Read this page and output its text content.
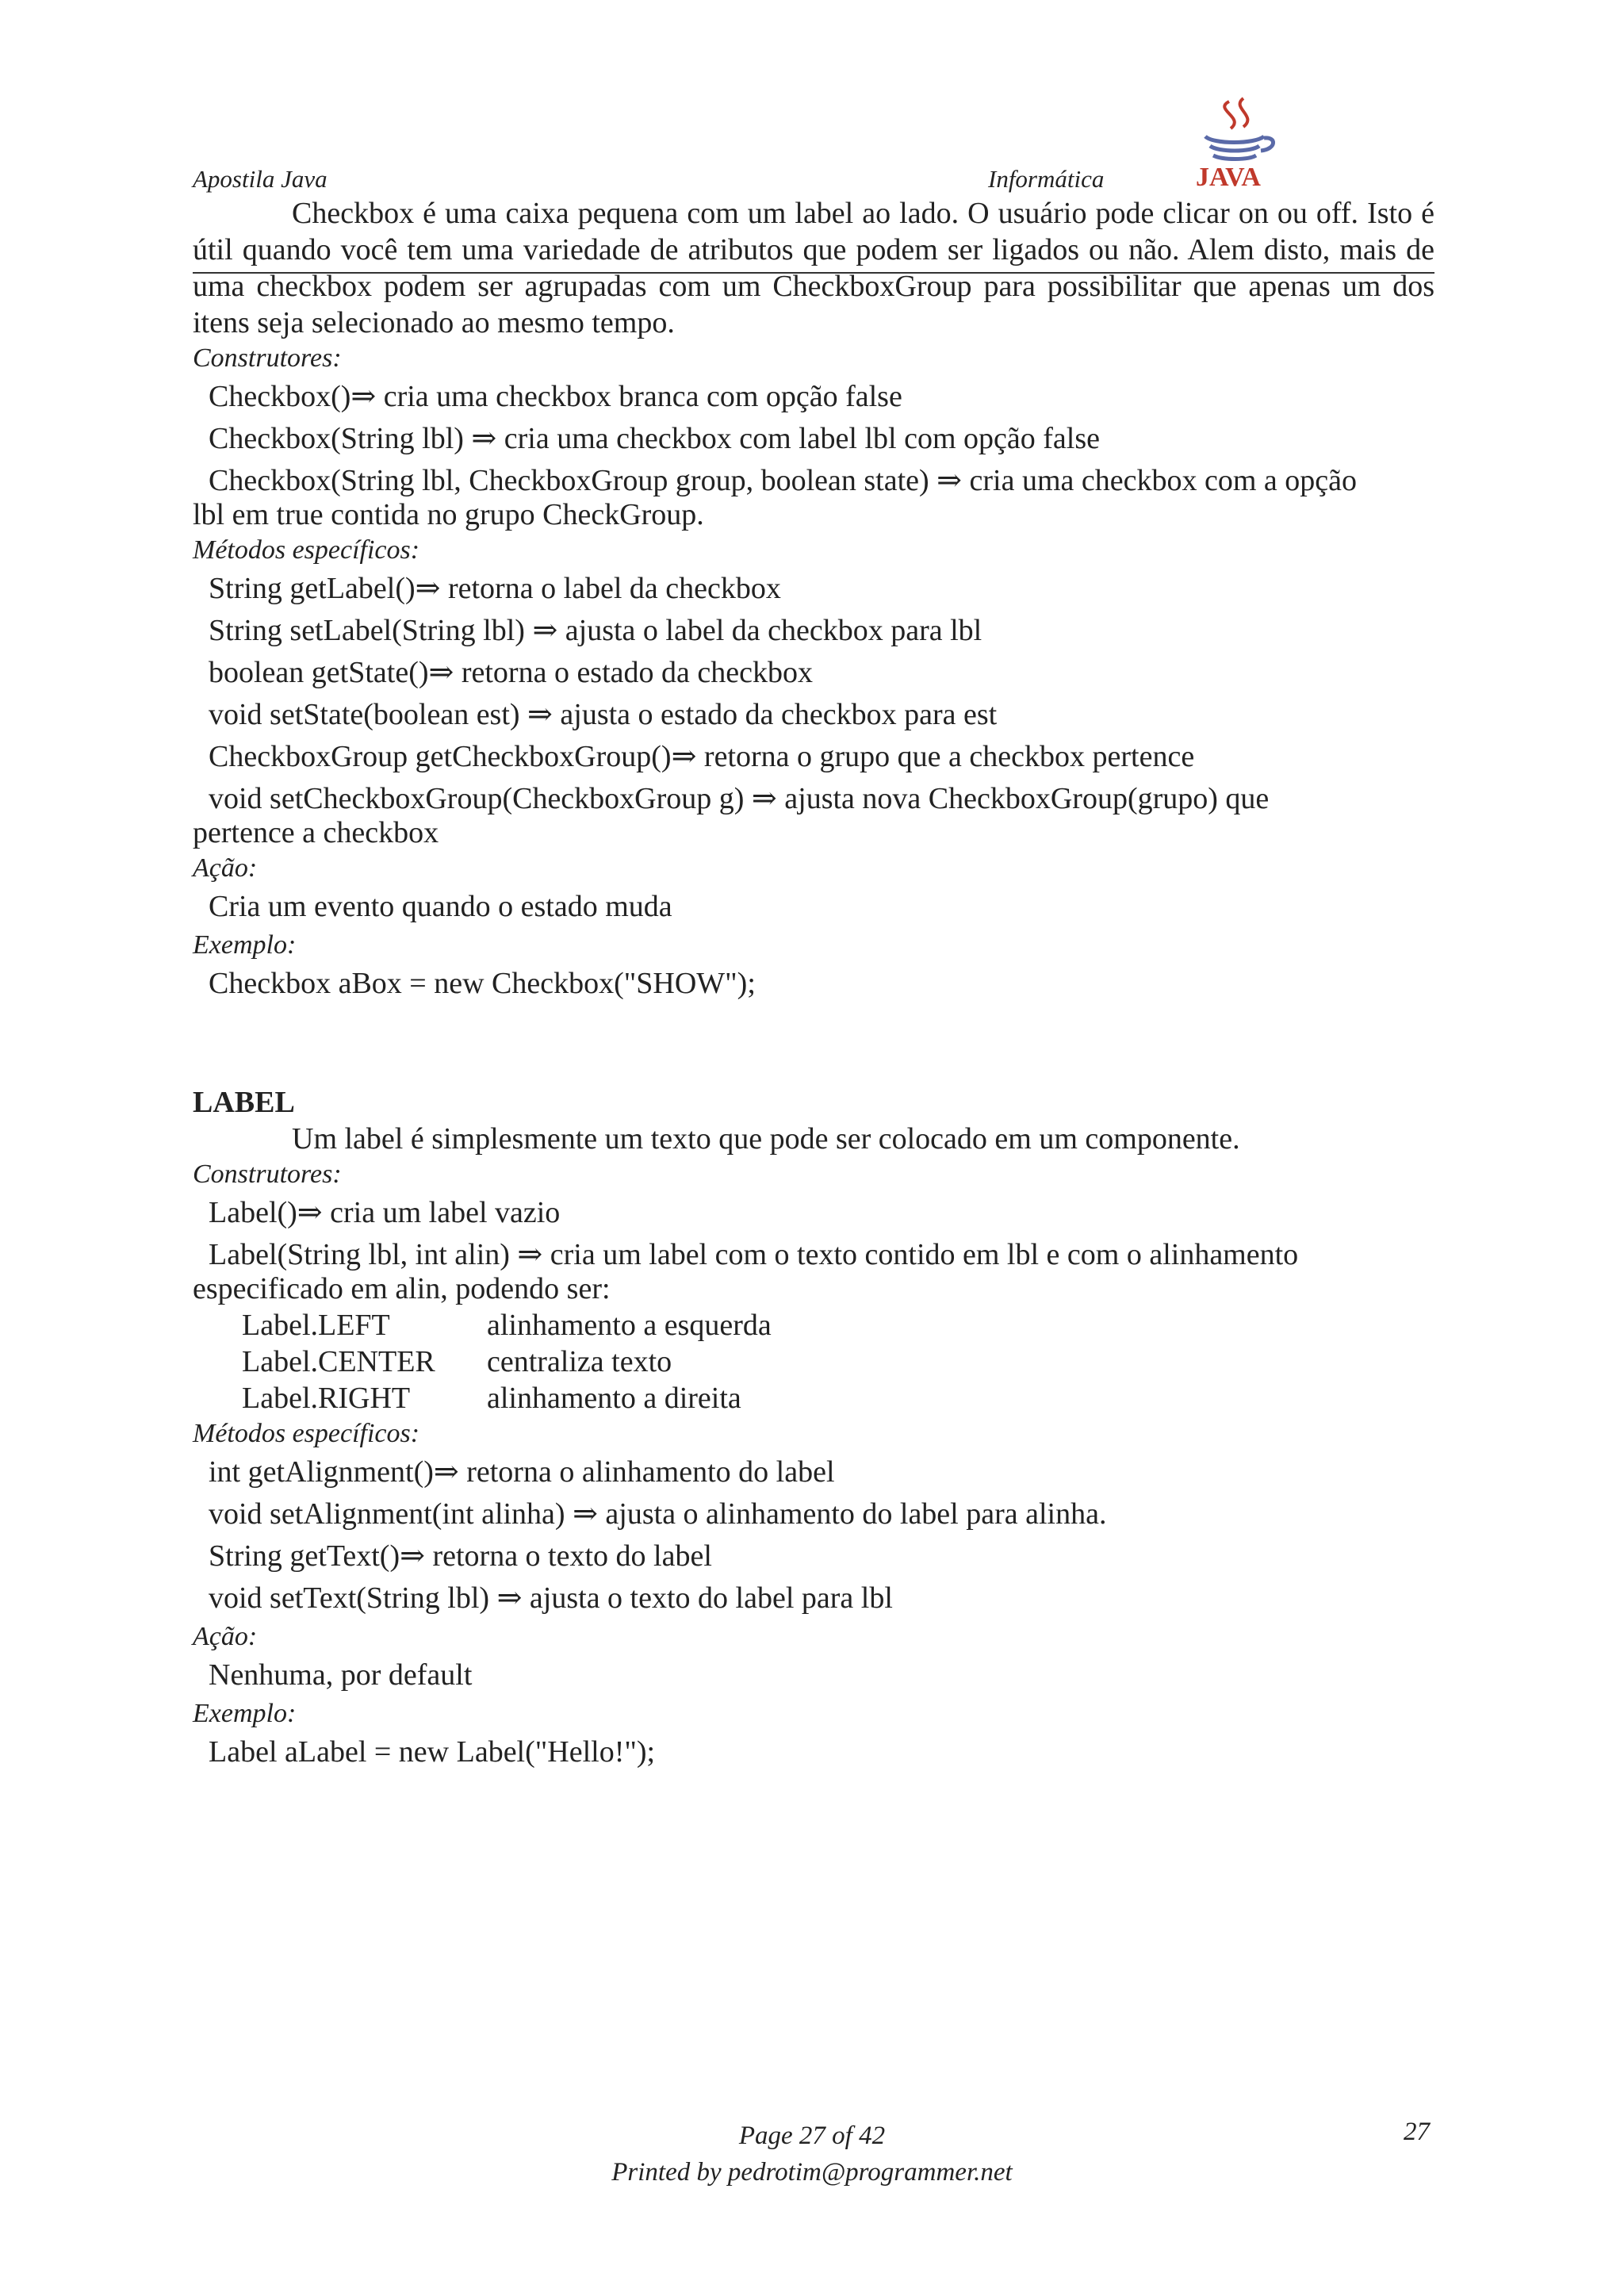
Apostila Java	Informática	JAVA

Checkbox é uma caixa pequena com um label ao lado. O usuário pode clicar on ou off. Isto é útil quando você tem uma variedade de atributos que podem ser ligados ou não. Alem disto, mais de uma checkbox podem ser agrupadas com um CheckboxGroup para possibilitar que apenas um dos itens seja selecionado ao mesmo tempo.

Construtores:

Checkbox()⇒ cria uma checkbox branca com opção false

Checkbox(String lbl) ⇒ cria uma checkbox com label lbl com opção false

Checkbox(String lbl, CheckboxGroup group, boolean state) ⇒ cria uma checkbox com a opção

lbl em true contida no grupo CheckGroup.

Métodos específicos:

String getLabel()⇒ retorna o label da checkbox

String setLabel(String lbl) ⇒ ajusta o label da checkbox para lbl

boolean getState()⇒ retorna o estado da checkbox

void setState(boolean est) ⇒ ajusta o estado da checkbox para est

CheckboxGroup getCheckboxGroup()⇒ retorna o grupo que a checkbox pertence

void setCheckboxGroup(CheckboxGroup g) ⇒ ajusta nova CheckboxGroup(grupo) que

pertence a checkbox

Ação:

Cria um evento quando o estado muda

Exemplo:

Checkbox aBox = new Checkbox("SHOW");

LABEL

Um label é simplesmente um texto que pode ser colocado em um componente.

Construtores:

Label()⇒ cria um label vazio

Label(String lbl, int alin) ⇒ cria um label com o texto contido em lbl e com o alinhamento

especificado em alin, podendo ser:

Label.LEFT	alinhamento a esquerda
Label.CENTER	centraliza texto
Label.RIGHT	alinhamento a direita

Métodos específicos:

int getAlignment()⇒ retorna o alinhamento do label

void setAlignment(int alinha) ⇒ ajusta o alinhamento do label para alinha.

String getText()⇒ retorna o texto do label

void setText(String lbl) ⇒ ajusta o texto do label para lbl

Ação:

Nenhuma, por default

Exemplo:

Label aLabel = new Label("Hello!");

Page 27 of 42
Printed by pedrotim@programmer.net
27
